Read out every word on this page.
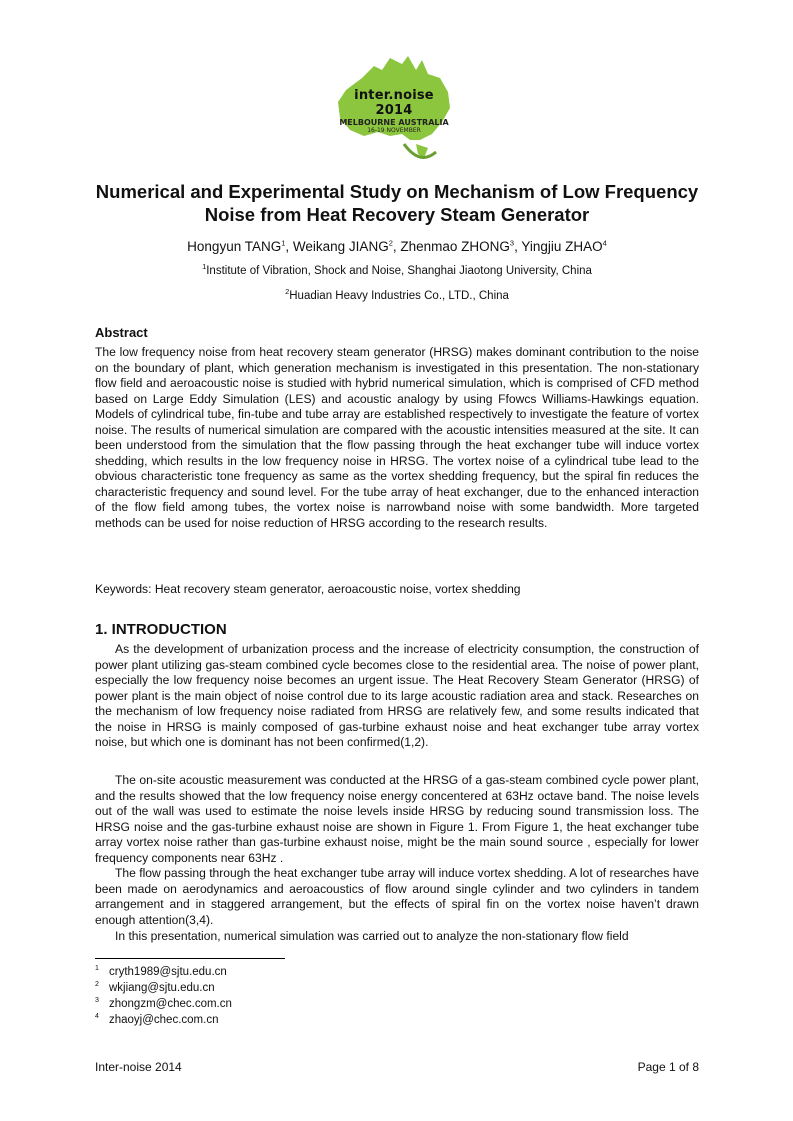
inter.noise 2014
MELBOURNE AUSTRALIA
16-19 NOVEMBER
Numerical and Experimental Study on Mechanism of Low Frequency
Noise from Heat Recovery Steam Generator
Hongyun TANG$^1$, Weikang JIANG$^2$, Zhenmao ZHONG$^3$, Yingjiu ZHAO$^4$
$^1$Institute of Vibration, Shock and Noise, Shanghai Jiaotong University, China
$^2$Huadian Heavy Industries Co., LTD., China
Abstract

The low frequency noise from heat recovery steam generator (HRSG) makes dominant contribution to the noise on the boundary of plant, which generation mechanism is investigated in this presentation. The non-stationary flow field and aeroacoustic noise is studied with hybrid numerical simulation, which is comprised of CFD method based on Large Eddy Simulation (LES) and acoustic analogy by using Ffowcs Williams-Hawkings equation. Models of cylindrical tube, fin-tube and tube array are established respectively to investigate the feature of vortex noise. The results of numerical simulation are compared with the acoustic intensities measured at the site. It can been understood from the simulation that the flow passing through the heat exchanger tube will induce vortex shedding, which results in the low frequency noise in HRSG. The vortex noise of a cylindrical tube lead to the obvious characteristic tone frequency as same as the vortex shedding frequency, but the spiral fin reduces the characteristic frequency and sound level. For the tube array of heat exchanger, due to the enhanced interaction of the flow field among tubes, the vortex noise is narrowband noise with some bandwidth. More targeted methods can be used for noise reduction of HRSG according to the research results.

Keywords: Heat recovery steam generator, aeroacoustic noise, vortex shedding
1. INTRODUCTION

As the development of urbanization process and the increase of electricity consumption, the construction of power plant utilizing gas-steam combined cycle becomes close to the residential area. The noise of power plant, especially the low frequency noise becomes an urgent issue. The Heat Recovery Steam Generator (HRSG) of power plant is the main object of noise control due to its large acoustic radiation area and stack. Researches on the mechanism of low frequency noise radiated from HRSG are relatively few, and some results indicated that the noise in HRSG is mainly composed of gas-turbine exhaust noise and heat exchanger tube array vortex noise, but which one is dominant has not been confirmed(1,2).

The on-site acoustic measurement was conducted at the HRSG of a gas-steam combined cycle power plant, and the results showed that the low frequency noise energy concentered at 63Hz octave band. The noise levels out of the wall was used to estimate the noise levels inside HRSG by reducing sound transmission loss. The HRSG noise and the gas-turbine exhaust noise are shown in Figure 1. From Figure 1, the heat exchanger tube array vortex noise rather than gas-turbine exhaust noise, might be the main sound source , especially for lower frequency components near 63Hz .

The flow passing through the heat exchanger tube array will induce vortex shedding. A lot of researches have been made on aerodynamics and aeroacoustics of flow around single cylinder and two cylinders in tandem arrangement and in staggered arrangement, but the effects of spiral fin on the vortex noise haven’t drawn enough attention(3,4).

In this presentation, numerical simulation was carried out to analyze the non-stationary flow field

$^1$ cryth1989@sjtu.edu.cn
$^2$ wkjiang@sjtu.edu.cn
$^3$ zhongzm@chec.com.cn
$^4$ zhaoyj@chec.com.cn
Inter-noise 2014	Page 1 of 8
